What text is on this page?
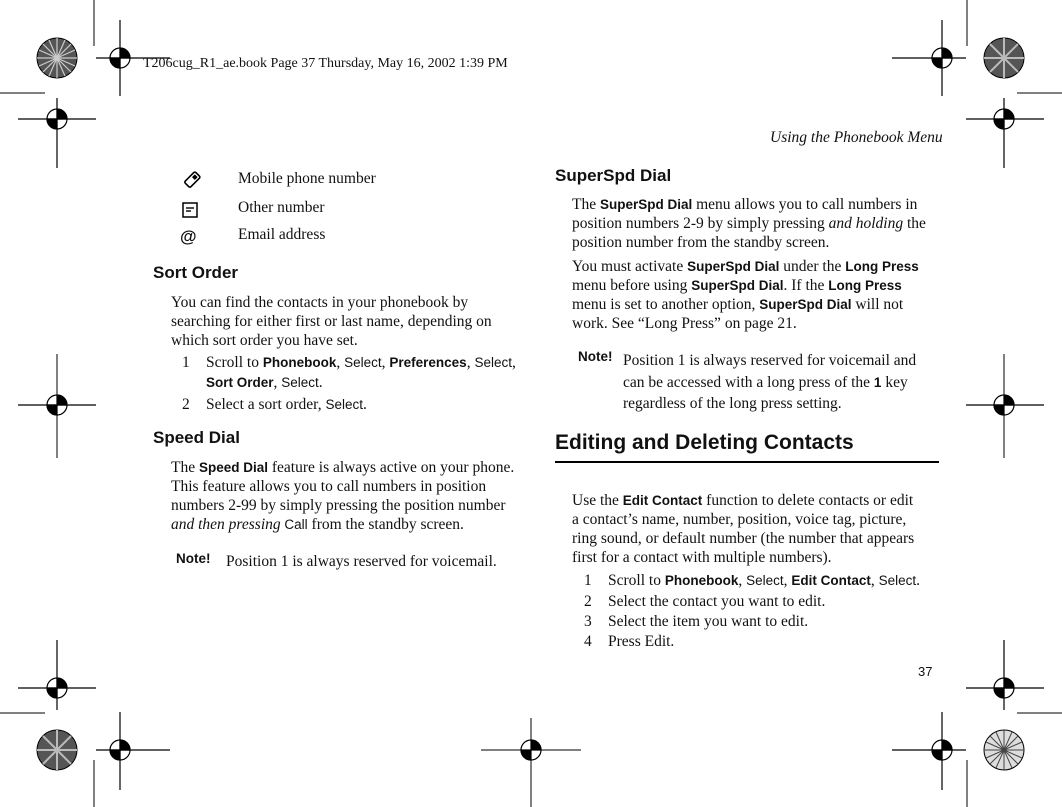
T206cug_R1_ae.book Page 37 Thursday, May 16, 2002 1:39 PM
Using the Phonebook Menu
37
Mobile phone number
Other number
@	Email address
Sort Order

You can find the contacts in your phonebook by

searching for either first or last name, depending on

which sort order you have set.

1 Scroll to Phonebook, Select, Preferences, Select,
Sort Order, Select.
2 Select a sort order, Select.
Speed Dial

The Speed Dial feature is always active on your phone.

This feature allows you to call numbers in position

numbers 2-99 by simply pressing the position number

and then pressing Call from the standby screen.

Note! Position 1 is always reserved for voicemail.
SuperSpd Dial

The SuperSpd Dial menu allows you to call numbers in

position numbers 2-9 by simply pressing and holding the

position number from the standby screen.

You must activate SuperSpd Dial under the Long Press

menu before using SuperSpd Dial. If the Long Press

menu is set to another option, SuperSpd Dial will not

work. See “Long Press” on page 21.

Note! Position 1 is always reserved for voicemail and

can be accessed with a long press of the 1 key

regardless of the long press setting.

Editing and Deleting Contacts

Use the Edit Contact function to delete contacts or edit

a contact’s name, number, position, voice tag, picture,

ring sound, or default number (the number that appears

first for a contact with multiple numbers).

1 Scroll to Phonebook, Select, Edit Contact, Select.
2 Select the contact you want to edit.
3 Select the item you want to edit.
4 Press Edit.
